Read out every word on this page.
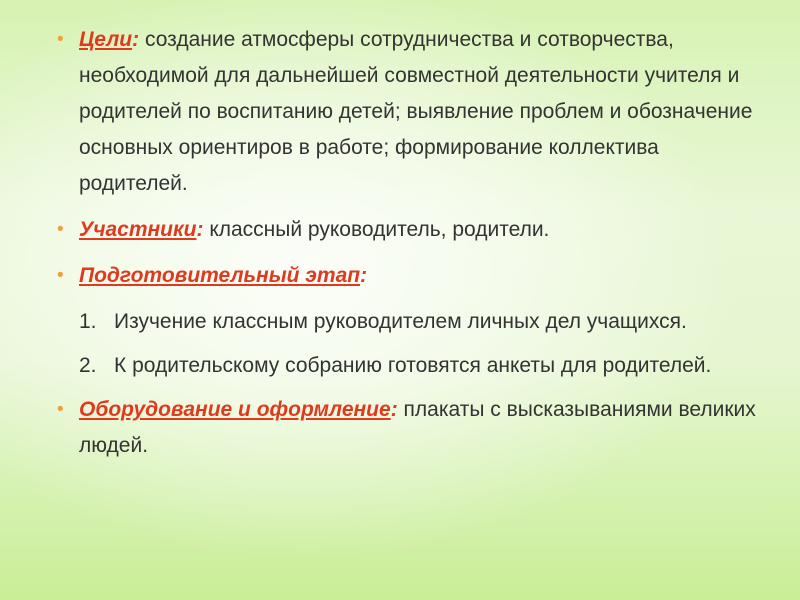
• Цели: создание атмосферы сотрудничества и сотворчества, необходимой для дальнейшей совместной деятельности учителя и родителей по воспитанию детей; выявление проблем и обозначение основных ориентиров в работе; формирование коллектива родителей.
• Участники: классный руководитель, родители.
• Подготовительный этап:
1. Изучение классным руководителем личных дел учащихся.
2. К родительскому собранию готовятся анкеты для родителей.
• Оборудование и оформление: плакаты с высказываниями великих людей.
